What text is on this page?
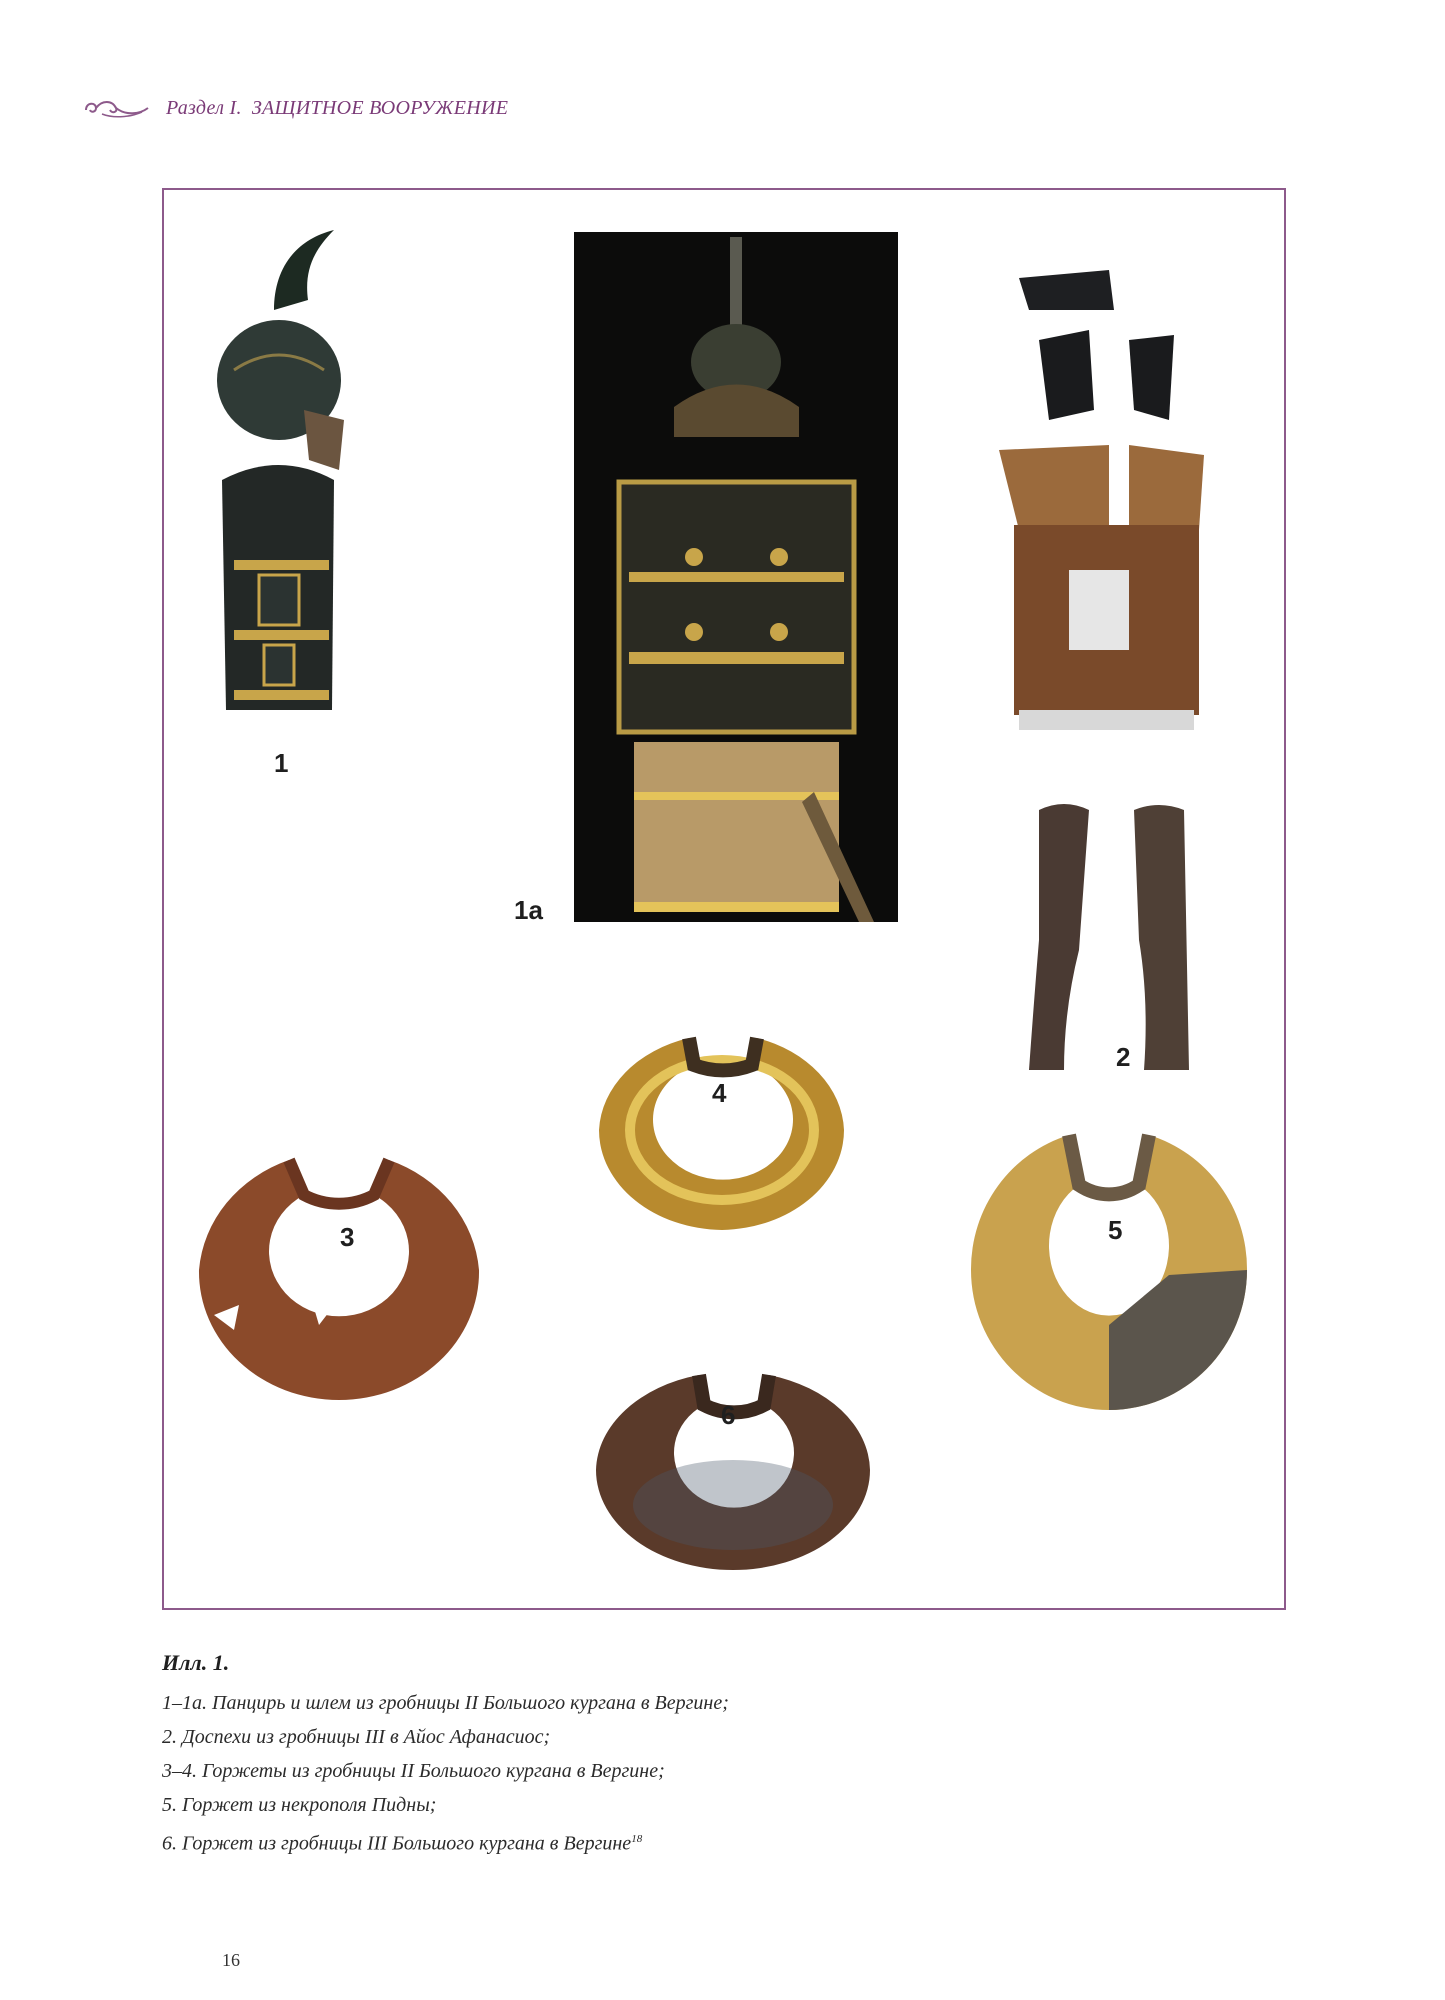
Раздел I. ЗАЩИТНОЕ ВООРУЖЕНИЕ
1
1а
2
4
3	5
6
Илл. 1.
1–1а. Панцирь и шлем из гробницы II Большого кургана в Вергине;
2. Доспехи из гробницы III в Айос Афанасиос;
3–4. Горжеты из гробницы II Большого кургана в Вергине;
5. Горжет из некрополя Пидны;
6. Горжет из гробницы III Большого кургана в Вергине$^{18}$
16
